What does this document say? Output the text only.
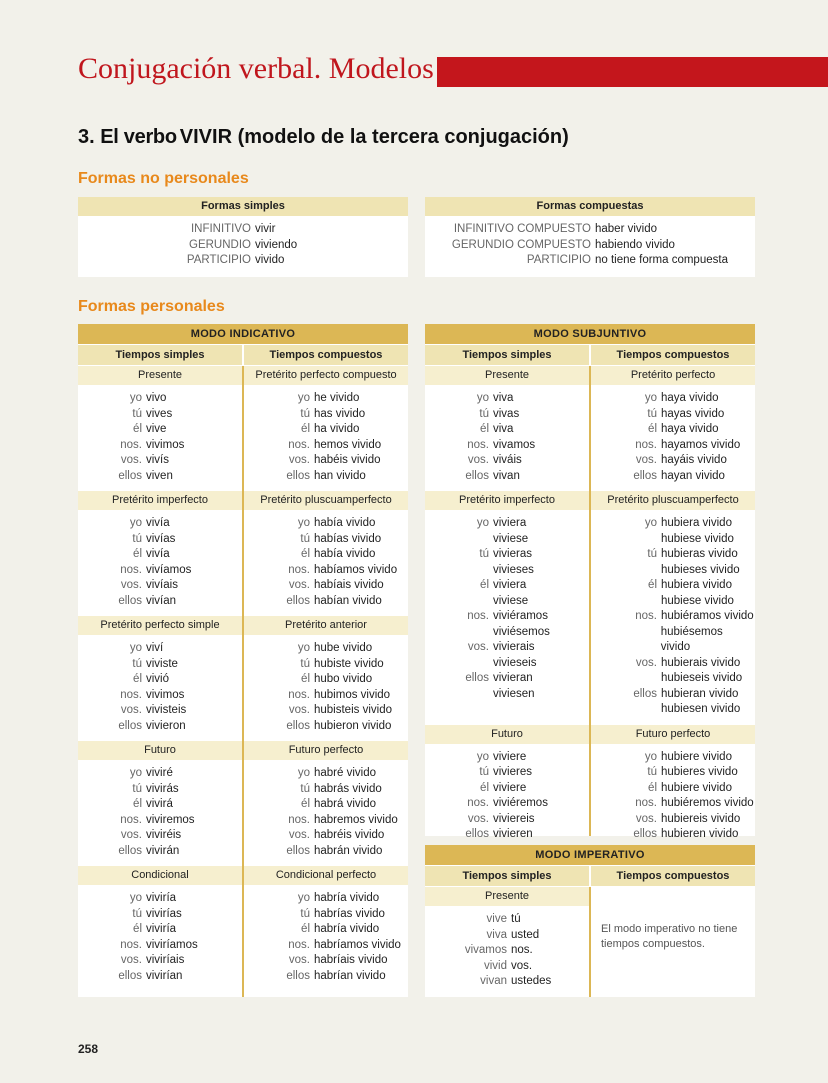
Conjugación verbal. Modelos
3. El verbo VIVIR (modelo de la tercera conjugación)
Formas no personales
Formas simples
INFINITIVO vivir
GERUNDIO viviendo
PARTICIPIO vivido
Formas compuestas
INFINITIVO COMPUESTO haber vivido
GERUNDIO COMPUESTO habiendo vivido
PARTICIPIO no tiene forma compuesta
Formas personales
MODO INDICATIVO
Tiempos simples	Tiempos compuestos
Presente
yo vivo
tú vives
él vive
nos. vivimos
vos. vivís
ellos viven
Pretérito perfecto compuesto
yo he vivido
tú has vivido
él ha vivido
nos. hemos vivido
vos. habéis vivido
ellos han vivido
Pretérito imperfecto
yo vivía
tú vivías
él vivía
nos. vivíamos
vos. vivíais
ellos vivían
Pretérito pluscuamperfecto
yo había vivido
tú habías vivido
él había vivido
nos. habíamos vivido
vos. habíais vivido
ellos habían vivido
Pretérito perfecto simple
yo viví
tú viviste
él vivió
nos. vivimos
vos. vivisteis
ellos vivieron
Pretérito anterior
yo hube vivido
tú hubiste vivido
él hubo vivido
nos. hubimos vivido
vos. hubisteis vivido
ellos hubieron vivido
Futuro
yo viviré
tú vivirás
él vivirá
nos. viviremos
vos. viviréis
ellos vivirán
Futuro perfecto
yo habré vivido
tú habrás vivido
él habrá vivido
nos. habremos vivido
vos. habréis vivido
ellos habrán vivido
Condicional
yo viviría
tú vivirías
él viviría
nos. viviríamos
vos. viviríais
ellos vivirían
Condicional perfecto
yo habría vivido
tú habrías vivido
él habría vivido
nos. habríamos vivido
vos. habríais vivido
ellos habrían vivido
MODO SUBJUNTIVO
Tiempos simples	Tiempos compuestos
Presente
yo viva
tú vivas
él viva
nos. vivamos
vos. viváis
ellos vivan
Pretérito perfecto
yo haya vivido
tú hayas vivido
él haya vivido
nos. hayamos vivido
vos. hayáis vivido
ellos hayan vivido
Pretérito imperfecto
yo viviera
viviese
tú vivieras
vivieses
él viviera
viviese
nos. viviéramos
viviésemos
vos. vivierais
vivieseis
ellos vivieran
viviesen
Pretérito pluscuamperfecto
yo hubiera vivido
hubiese vivido
tú hubieras vivido
hubieses vivido
él hubiera vivido
hubiese vivido
nos. hubiéramos vivido
hubiésemos vivido
vos. hubierais vivido
hubieseis vivido
ellos hubieran vivido
hubiesen vivido
Futuro
yo viviere
tú vivieres
él viviere
nos. viviéremos
vos. viviereis
ellos vivieren
Futuro perfecto
yo hubiere vivido
tú hubieres vivido
él hubiere vivido
nos. hubiéremos vivido
vos. hubiereis vivido
ellos hubieren vivido
MODO IMPERATIVO
Tiempos simples	Tiempos compuestos
Presente
vive tú
viva usted
vivamos nos.
vivid vos.
vivan ustedes
El modo imperativo no tiene tiempos compuestos.
258
